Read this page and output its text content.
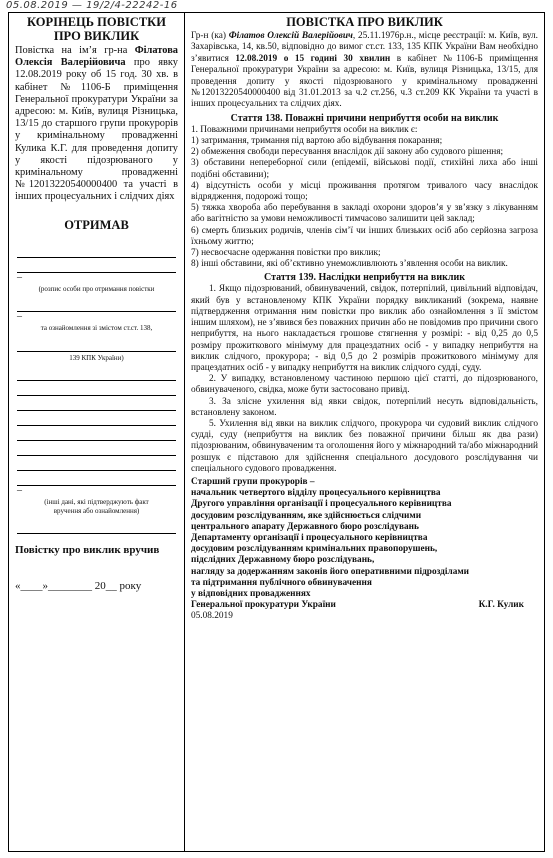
05.08.2019 — 19/2/4-22242-16
КОРІНЕЦЬ ПОВІСТКИ
ПРО ВИКЛИК
Повістка на ім’я гр-на Філатова Олексія Валерійовича про явку 12.08.2019 року об 15 год. 30 хв. в кабінет №1106-Б приміщення Генеральної прокуратури України за адресою: м. Київ, вулиця Різницька, 13/15 до старшого групи прокурорів у кримінальному провадженні Кулика К.Г. для проведення допиту у якості підозрюваного у кримінальному провадженні №12013220540000400 та участі в інших процесуальних і слідчих діях
ОТРИМАВ
–
(розпис особи про отримання повістки
–
та ознайомлення зі змістом ст.ст. 138,
139 КПК України)
–
(інші дані, які підтверджують факт
вручення або ознайомлення)
Повістку про виклик вручив
«____»________ 20__ року
ПОВІСТКА ПРО ВИКЛИК
Гр-н (ка) Філатов Олексій Валерійович, 25.11.1976р.н., місце реєстрації: м. Київ, вул. Захарівська, 14, кв.50, відповідно до вимог ст.ст. 133, 135 КПК України Вам необхідно з’явитися 12.08.2019 о 15 годині 30 хвилин в кабінет №1106-Б приміщення Генеральної прокуратури України за адресою: м. Київ, вулиця Різницька, 13/15, для проведення допиту у якості підозрюваного у кримінальному провадженні №12013220540000400 від 31.01.2013 за ч.2 ст.256, ч.3 ст.209 КК України та участі в інших процесуальних та слідчих діях.
Стаття 138. Поважні причини неприбуття особи на виклик
1. Поважними причинами неприбуття особи на виклик є:
1) затримання, тримання під вартою або відбування покарання;
2) обмеження свободи пересування внаслідок дії закону або судового рішення;
3) обставини непереборної сили (епідемії, військові події, стихійні лиха або інші подібні обставини);
4) відсутність особи у місці проживання протягом тривалого часу внаслідок відрядження, подорожі тощо;
5) тяжка хвороба або перебування в закладі охорони здоров’я у зв’язку з лікуванням або вагітністю за умови неможливості тимчасово залишити цей заклад;
6) смерть близьких родичів, членів сім’ї чи інших близьких осіб або серйозна загроза їхньому життю;
7) несвоєчасне одержання повістки про виклик;
8) інші обставини, які об’єктивно унеможливлюють з’явлення особи на виклик.
Стаття 139. Наслідки неприбуття на виклик
1. Якщо підозрюваний, обвинувачений, свідок, потерпілий, цивільний відповідач, який був у встановленому КПК України порядку викликаний (зокрема, наявне підтвердження отримання ним повістки про виклик або ознайомлення з її змістом іншим шляхом), не з’явився без поважних причин або не повідомив про причини свого неприбуття, на нього накладається грошове стягнення у розмірі: - від 0,25 до 0,5 розміру прожиткового мінімуму для працездатних осіб - у випадку неприбуття на виклик слідчого, прокурора; - від 0,5 до 2 розмірів прожиткового мінімуму для працездатних осіб - у випадку неприбуття на виклик слідчого судді, суду.
2. У випадку, встановленому частиною першою цієї статті, до підозрюваного, обвинуваченого, свідка, може бути застосовано привід.
3. За злісне ухилення від явки свідок, потерпілий несуть відповідальність, встановлену законом.
5. Ухилення від явки на виклик слідчого, прокурора чи судовий виклик слідчого судді, суду (неприбуття на виклик без поважної причини більш як два рази) підозрюваним, обвинуваченим та оголошення його у міжнародний та/або міжнародний розшук є підставою для здійснення спеціального досудового розслідування чи спеціального судового провадження.
Старший групи прокурорів –
начальник четвертого відділу процесуального керівництва
Другого управління організації і процесуального керівництва
досудовим розслідуванням, яке здійснюється слідчими
центрального апарату Державного бюро розслідувань
Департаменту організації і процесуального керівництва
досудовим розслідуванням кримінальних правопорушень,
підслідних Державному бюро розслідувань,
нагляду за додержанням законів його оперативними підрозділами
та підтримання публічного обвинувачення
у відповідних провадженнях
Генеральної прокуратури України	К.Г. Кулик
05.08.2019
